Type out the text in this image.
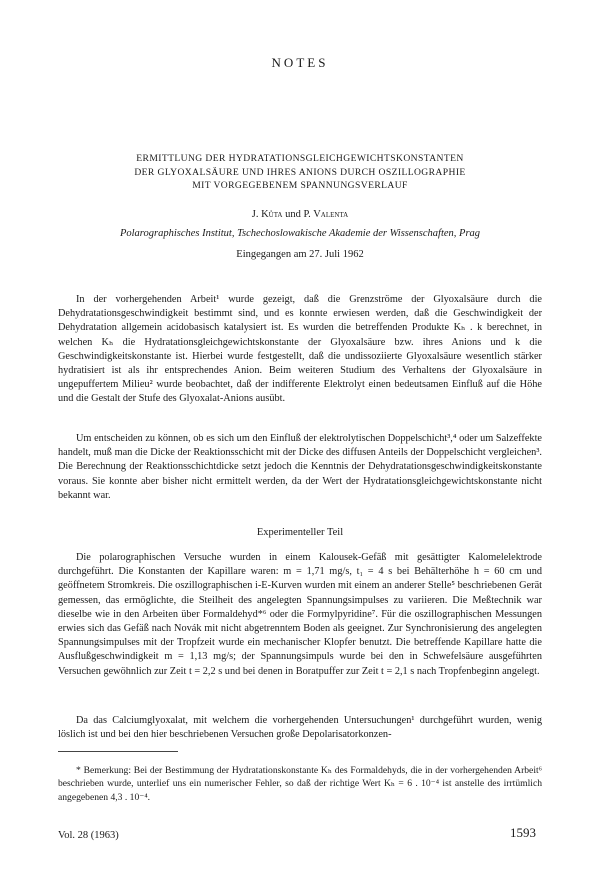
NOTES
ERMITTLUNG DER HYDRATATIONSGLEICHGEWICHTSKONSTANTEN
DER GLYOXALSÄURE UND IHRES ANIONS DURCH OSZILLOGRAPHIE
MIT VORGEGEBENEM SPANNUNGSVERLAUF
J. Kůta und P. Valenta
Polarographisches Institut, Tschechoslowakische Akademie der Wissenschaften, Prag
Eingegangen am 27. Juli 1962

In der vorhergehenden Arbeit¹ wurde gezeigt, daß die Grenzströme der Glyoxalsäure durch die Dehydratationsgeschwindigkeit bestimmt sind, und es konnte erwiesen werden, daß die Geschwindigkeit der Dehydratation allgemein acidobasisch katalysiert ist. Es wurden die betreffenden Produkte Kₕ . k berechnet, in welchen Kₕ die Hydratationsgleichgewichtskonstante der Glyoxalsäure bzw. ihres Anions und k die Geschwindigkeitskonstante ist. Hierbei wurde festgestellt, daß die undissoziierte Glyoxalsäure wesentlich stärker hydratisiert ist als ihr entsprechendes Anion. Beim weiteren Studium des Verhaltens der Glyoxalsäure in ungepuffertem Milieu² wurde beobachtet, daß der indifferente Elektrolyt einen bedeutsamen Einfluß auf die Höhe und die Gestalt der Stufe des Glyoxalat-Anions ausübt.

Um entscheiden zu können, ob es sich um den Einfluß der elektrolytischen Doppelschicht³,⁴ oder um Salzeffekte handelt, muß man die Dicke der Reaktionsschicht mit der Dicke des diffusen Anteils der Doppelschicht vergleichen³. Die Berechnung der Reaktionsschichtdicke setzt jedoch die Kenntnis der Dehydratationsgeschwindigkeitskonstante voraus. Sie konnte aber bisher nicht ermittelt werden, da der Wert der Hydratationsgleichgewichtskonstante nicht bekannt war.

Experimenteller Teil

Die polarographischen Versuche wurden in einem Kalousek-Gefäß mit gesättigter Kalomelelektrode durchgeführt. Die Konstanten der Kapillare waren: m = 1,71 mg/s, t₁ = 4 s bei Behälterhöhe h = 60 cm und geöffnetem Stromkreis. Die oszillographischen i-E-Kurven wurden mit einem an anderer Stelle⁵ beschriebenen Gerät gemessen, das ermöglichte, die Steilheit des angelegten Spannungsimpulses zu variieren. Die Meßtechnik war dieselbe wie in den Arbeiten über Formaldehyd*⁶ oder die Formylpyridine⁷. Für die oszillographischen Messungen erwies sich das Gefäß nach Novák mit nicht abgetrenntem Boden als geeignet. Zur Synchronisierung des angelegten Spannungsimpulses mit der Tropfzeit wurde ein mechanischer Klopfer benutzt. Die betreffende Kapillare hatte die Ausflußgeschwindigkeit m = 1,13 mg/s; der Spannungsimpuls wurde bei den in Schwefelsäure ausgeführten Versuchen gewöhnlich zur Zeit t = 2,2 s und bei denen in Boratpuffer zur Zeit t = 2,1 s nach Tropfenbeginn angelegt.

Da das Calciumglyoxalat, mit welchem die vorhergehenden Untersuchungen¹ durchgeführt wurden, wenig löslich ist und bei den hier beschriebenen Versuchen große Depolarisatorkonzen-

* Bemerkung: Bei der Bestimmung der Hydratationskonstante Kₕ des Formaldehyds, die in der vorhergehenden Arbeit⁶ beschrieben wurde, unterlief uns ein numerischer Fehler, so daß der richtige Wert Kₕ = 6 . 10⁻⁴ ist anstelle des irrtümlich angegebenen 4,3 . 10⁻⁴.

Vol. 28 (1963)	1593
